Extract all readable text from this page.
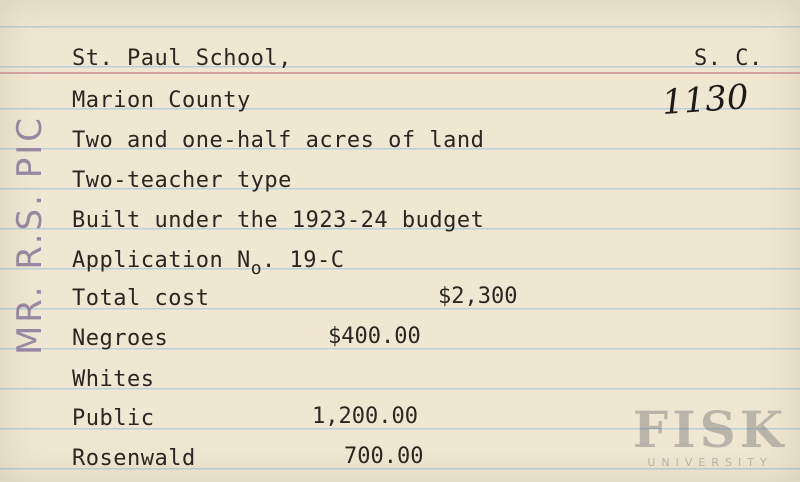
St. Paul School,	S. C.
Marion County	1130
Two and one-half acres of land
Two-teacher type
Built under the 1923-24 budget
Application $N_o$. 19-C
Total cost	$2,300
Negroes	$400.00
Whites
Public	1,200.00
Rosenwald	700.00
MR. R.S. PIC
FISK
UNIVERSITY
